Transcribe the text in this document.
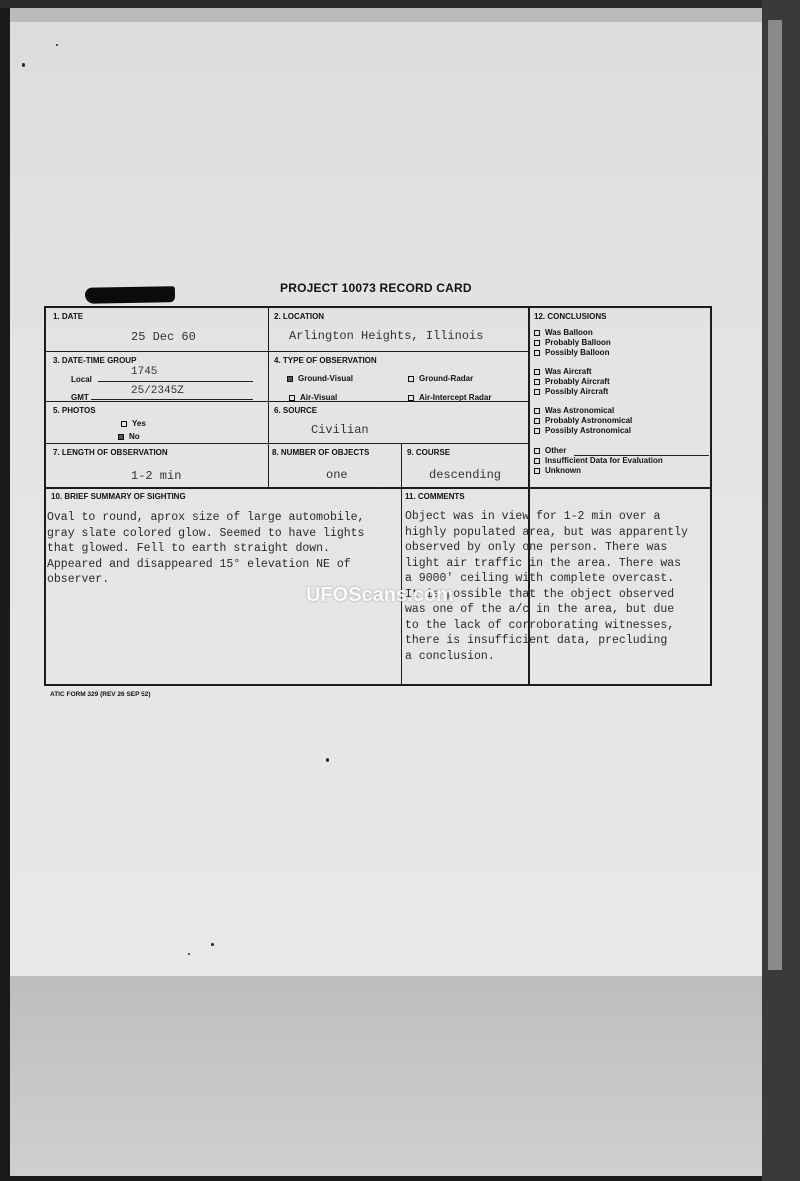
PROJECT 10073 RECORD CARD
1. DATE
25 Dec 60
2. LOCATION
Arlington Heights, Illinois
3. DATE-TIME GROUP
Local
1745
GMT
25/2345Z
4. TYPE OF OBSERVATION
Ground-Visual	Ground-Radar
Air-Visual	Air-Intercept Radar
5. PHOTOS
Yes
No
6. SOURCE
Civilian
7. LENGTH OF OBSERVATION
1-2 min
8. NUMBER OF OBJECTS
one
9. COURSE
descending
10. BRIEF SUMMARY OF SIGHTING
Oval to round, aprox size of large automobile,
gray slate colored glow. Seemed to have lights
that glowed. Fell to earth straight down.
Appeared and disappeared 15° elevation NE of
observer.
11. COMMENTS
Object was in view for 1-2 min over a
highly populated area, but was apparently
observed by only one person. There was
light air traffic in the area. There was
a 9000' ceiling with complete overcast.
It is possible that the object observed
was one of the a/c in the area, but due
to the lack of corroborating witnesses,
there is insufficient data, precluding
a conclusion.
12. CONCLUSIONS
Was Balloon
Probably Balloon
Possibly Balloon
Was Aircraft
Probably Aircraft
Possibly Aircraft
Was Astronomical
Probably Astronomical
Possibly Astronomical
Other
Insufficient Data for Evaluation
Unknown
ATIC FORM 329 (REV 26 SEP 52)
UFOScans.com
